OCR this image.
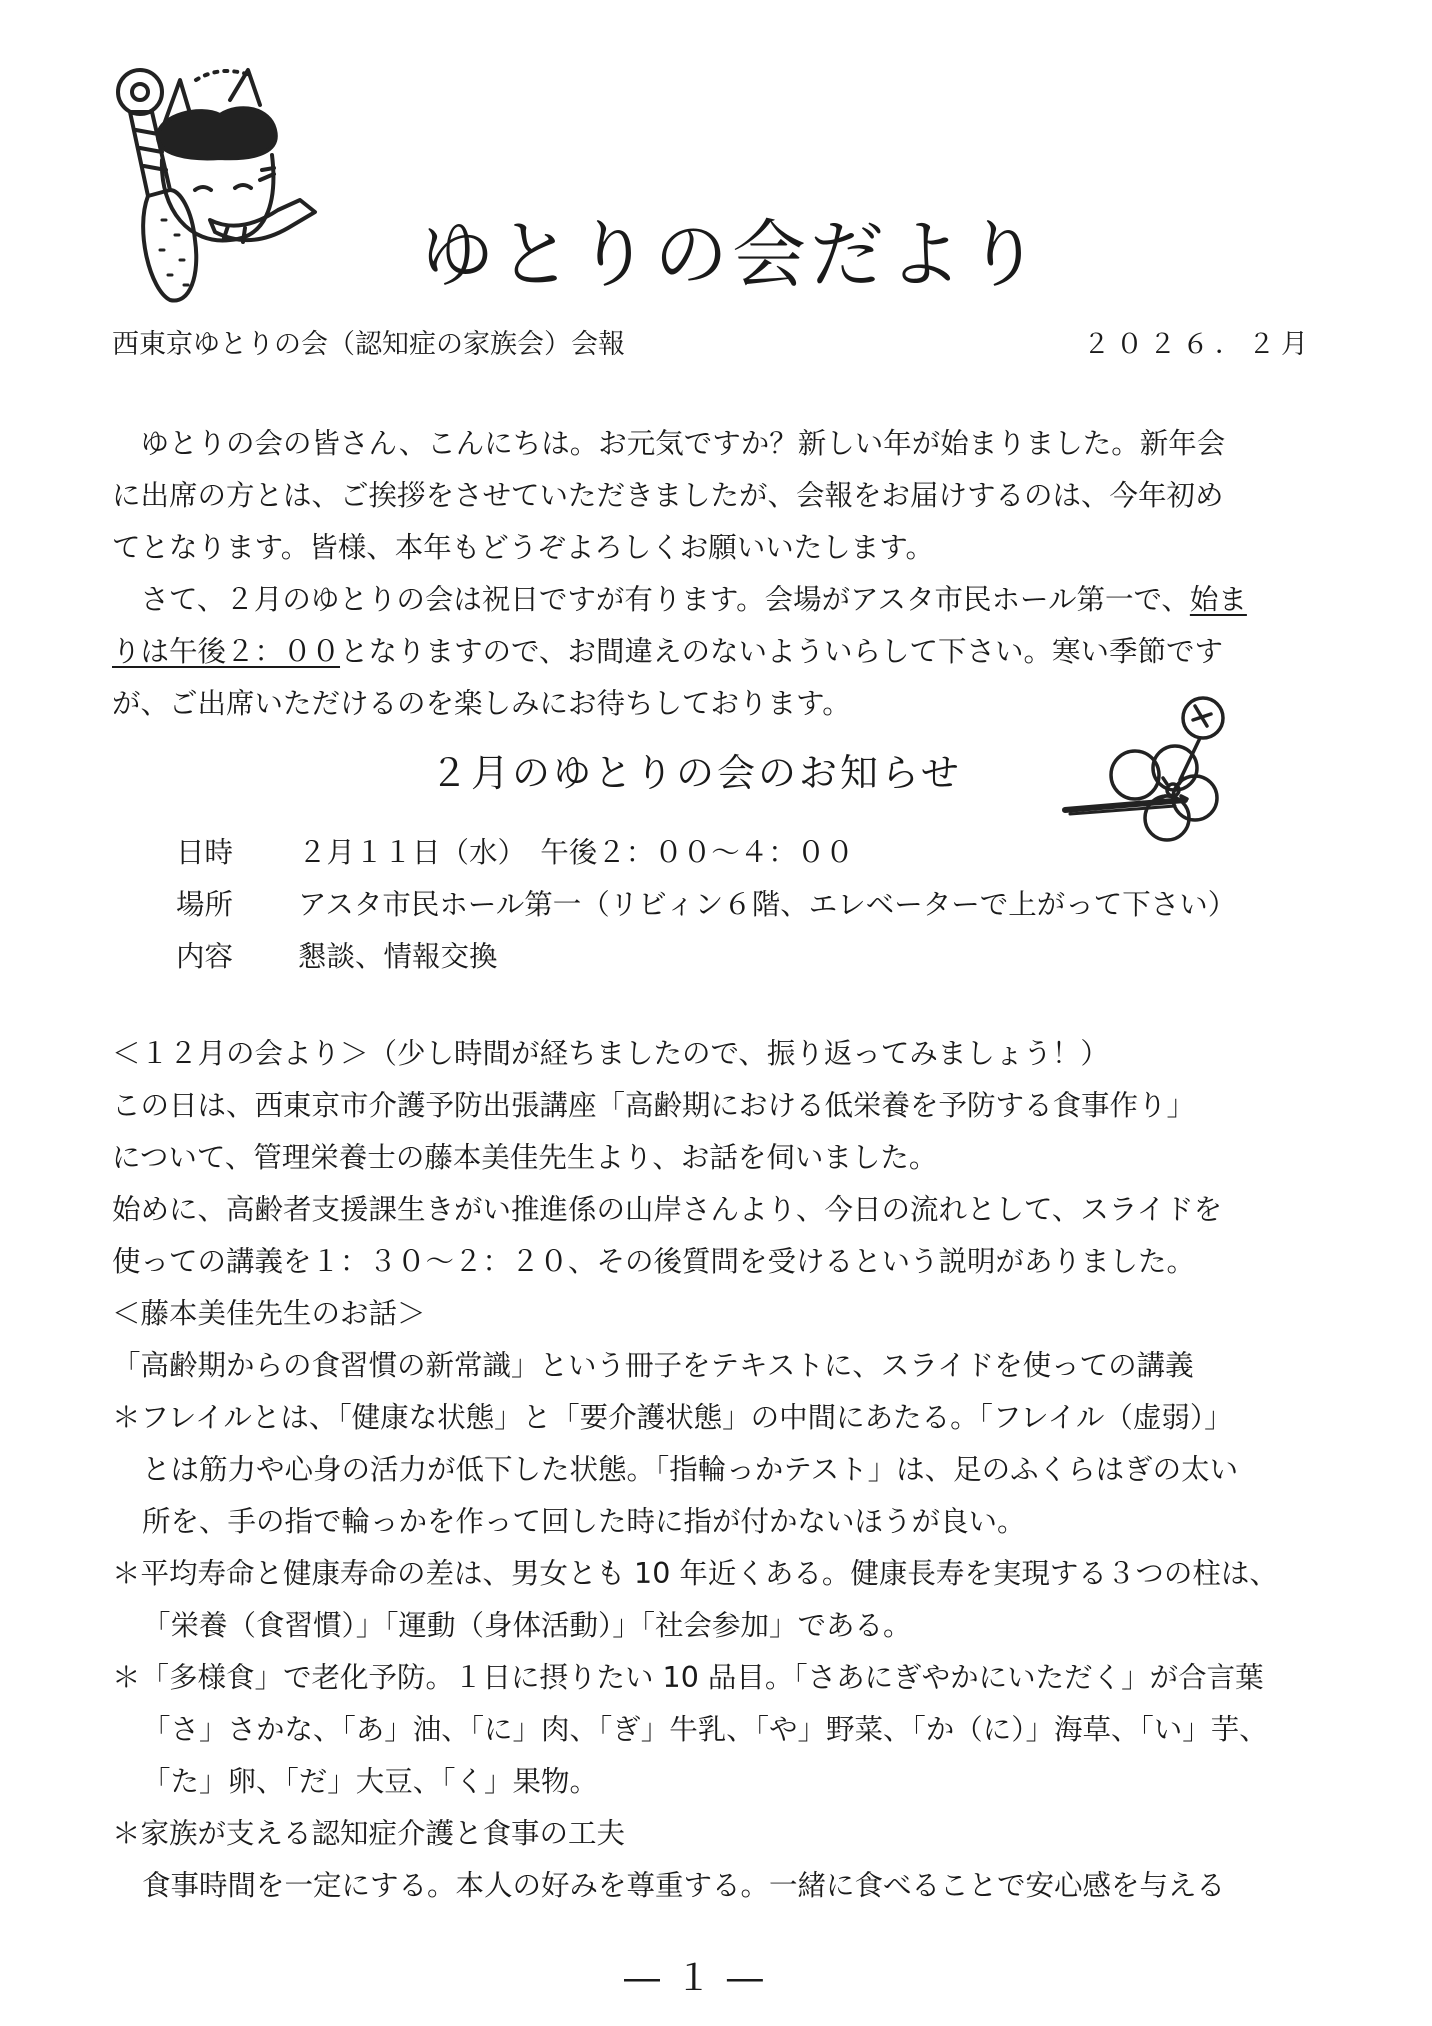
ゆとりの会だより
西東京ゆとりの会（認知症の家族会）会報	２０２６．２月
　ゆとりの会の皆さん、こんにちは。お元気ですか？新しい年が始まりました。新年会
に出席の方とは、ご挨拶をさせていただきましたが、会報をお届けするのは、今年初め
てとなります。皆様、本年もどうぞよろしくお願いいたします。
　さて、２月のゆとりの会は祝日ですが有ります。会場がアスタ市民ホール第一で、始ま
りは午後２：００となりますので、お間違えのないよういらして下さい。寒い季節です
が、ご出席いただけるのを楽しみにお待ちしております。
２月のゆとりの会のお知らせ
日時 ２月１１日（水）　午後２：００～４：００
場所 アスタ市民ホール第一（リビィン６階、エレベーターで上がって下さい）
内容 懇談、情報交換
＜１２月の会より＞（少し時間が経ちましたので、振り返ってみましょう！）
この日は、西東京市介護予防出張講座「高齢期における低栄養を予防する食事作り」
について、管理栄養士の藤本美佳先生より、お話を伺いました。
始めに、高齢者支援課生きがい推進係の山岸さんより、今日の流れとして、スライドを
使っての講義を１：３０～２：２０、その後質問を受けるという説明がありました。
＜藤本美佳先生のお話＞
「高齢期からの食習慣の新常識」という冊子をテキストに、スライドを使っての講義
＊フレイルとは、「健康な状態」と「要介護状態」の中間にあたる。「フレイル（虚弱）」
とは筋力や心身の活力が低下した状態。「指輪っかテスト」は、足のふくらはぎの太い
所を、手の指で輪っかを作って回した時に指が付かないほうが良い。
＊平均寿命と健康寿命の差は、男女とも 10 年近くある。健康長寿を実現する３つの柱は、
「栄養（食習慣）」「運動（身体活動）」「社会参加」である。
＊「多様食」で老化予防。１日に摂りたい 10 品目。「さあにぎやかにいただく」が合言葉
「さ」さかな、「あ」油、「に」肉、「ぎ」牛乳、「や」野菜、「か（に）」海草、「い」芋、
「た」卵、「だ」大豆、「く」果物。
＊家族が支える認知症介護と食事の工夫
食事時間を一定にする。本人の好みを尊重する。一緒に食べることで安心感を与える
― １ ―
